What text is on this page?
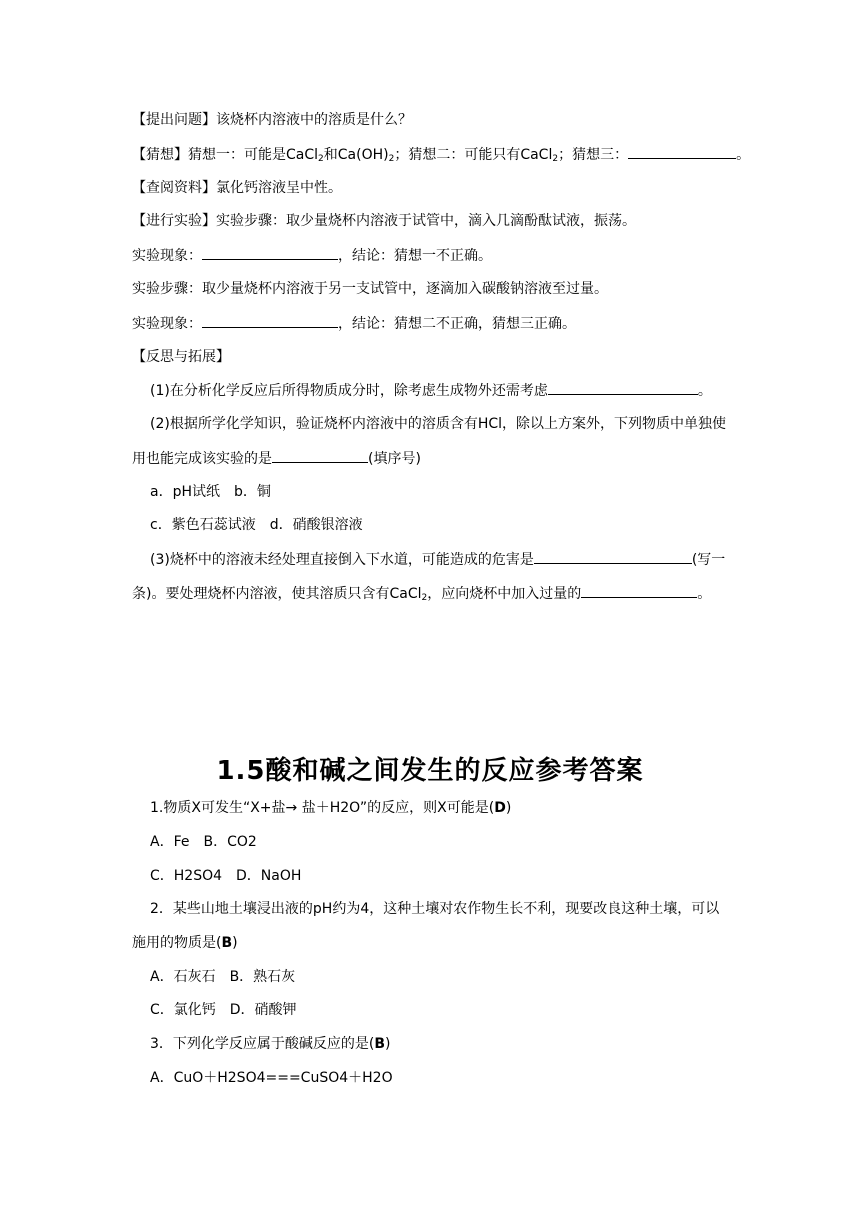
【提出问题】该烧杯内溶液中的溶质是什么？
【猜想】猜想一：可能是CaCl$_2$和$Ca(OH)_2$；猜想二：可能只有CaCl$_2$；猜想三：	。
【查阅资料】氯化钙溶液呈中性。
【进行实验】实验步骤：取少量烧杯内溶液于试管中，滴入几滴酚酞试液，振荡。
实验现象：	，结论：猜想一不正确。
实验步骤：取少量烧杯内溶液于另一支试管中，逐滴加入碳酸钠溶液至过量。
实验现象：	，结论：猜想二不正确，猜想三正确。
【反思与拓展】
(1)在分析化学反应后所得物质成分时，除考虑生成物外还需考虑	。
(2)根据所学化学知识，验证烧杯内溶液中的溶质含有HCl，除以上方案外，下列物质中单独使
用也能完成该实验的是	(填序号)
a．pH试纸　b．铜
c．紫色石蕊试液　d．硝酸银溶液
(3)烧杯中的溶液未经处理直接倒入下水道，可能造成的危害是	(写一
条)。要处理烧杯内溶液，使其溶质只含有CaCl$_2$，应向烧杯中加入过量的	。
1.5酸和碱之间发生的反应参考答案
1.物质X可发生“X+盐→ 盐＋H2O”的反应，则X可能是(D)
A．Fe　B．CO2
C．H2SO4　D．NaOH
2．某些山地土壤浸出液的pH约为4，这种土壤对农作物生长不利，现要改良这种土壤，可以
施用的物质是(B)
A．石灰石　B．熟石灰
C．氯化钙　D．硝酸钾
3．下列化学反应属于酸碱反应的是(B)
A．CuO＋H2SO4===CuSO4＋H2O
